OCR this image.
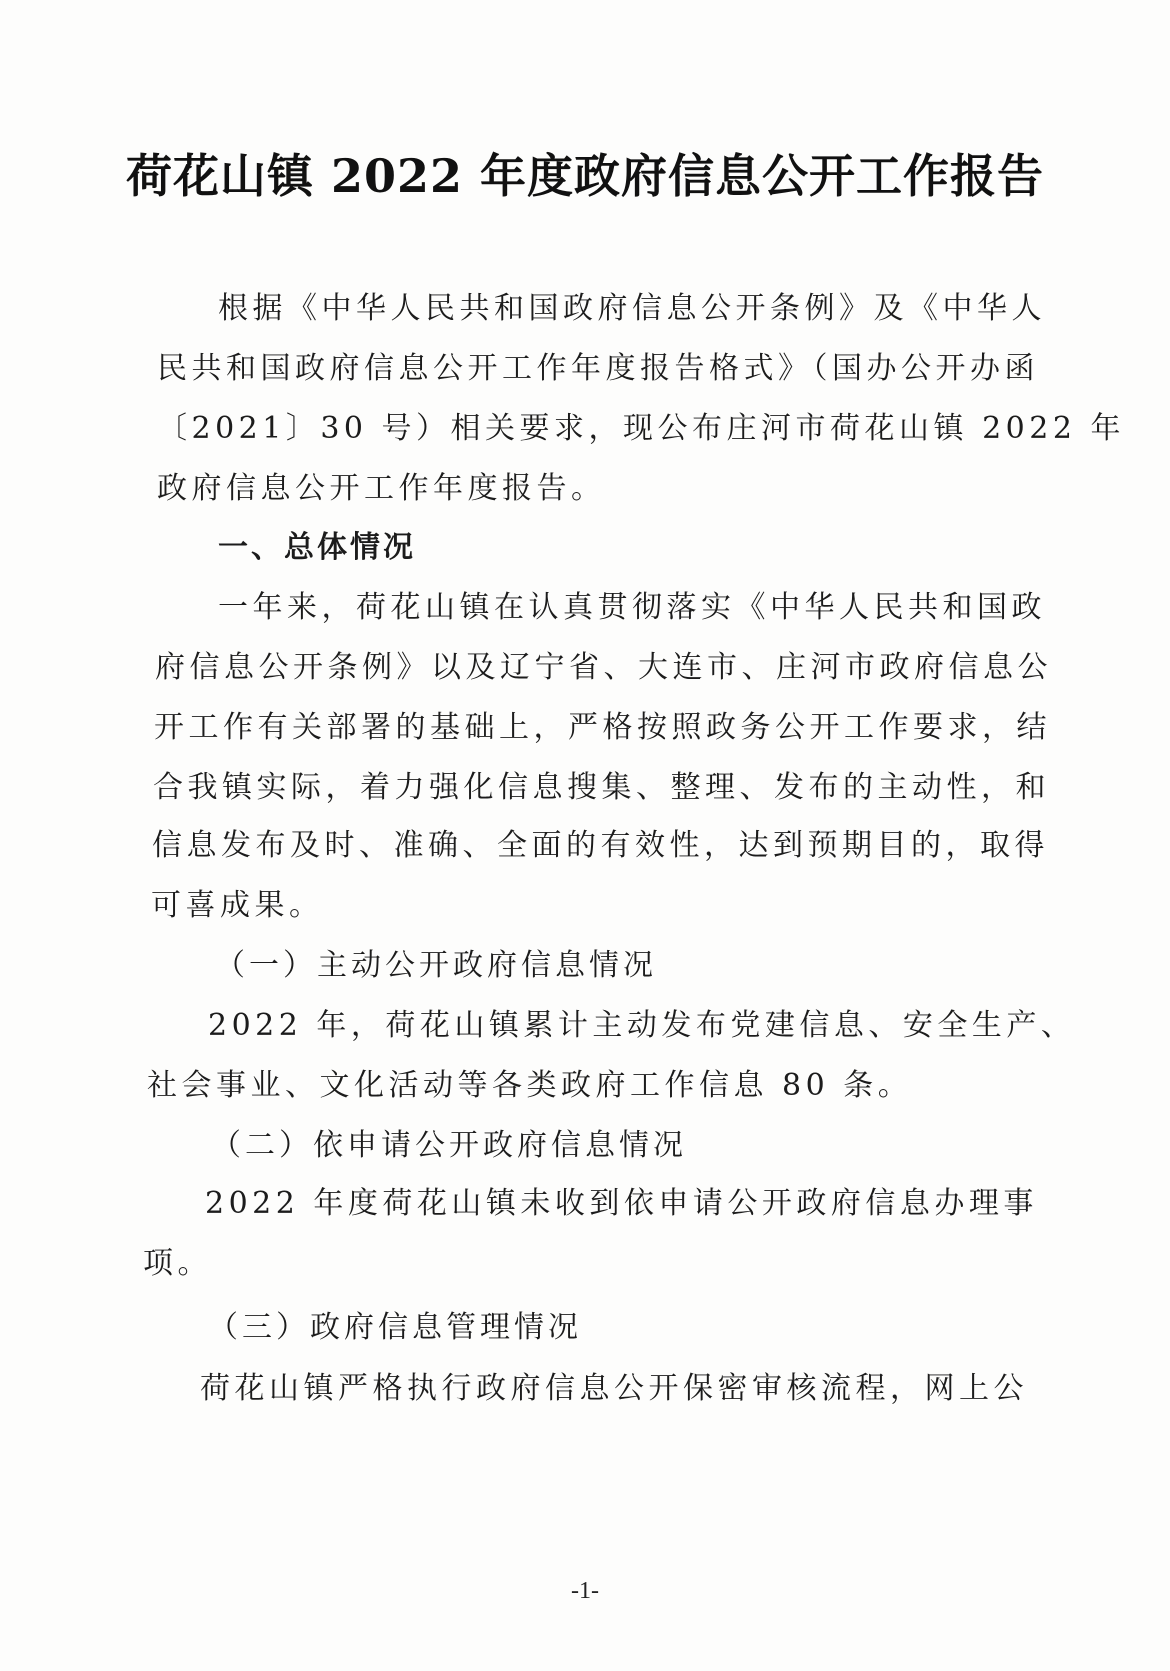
荷花山镇 2022 年度政府信息公开工作报告
根据《中华人民共和国政府信息公开条例》及《中华人
民共和国政府信息公开工作年度报告格式》（国办公开办函
〔2021〕30 号）相关要求，现公布庄河市荷花山镇 2022 年
政府信息公开工作年度报告。
一、总体情况
一年来，荷花山镇在认真贯彻落实《中华人民共和国政
府信息公开条例》以及辽宁省、大连市、庄河市政府信息公
开工作有关部署的基础上，严格按照政务公开工作要求，结
合我镇实际，着力强化信息搜集、整理、发布的主动性，和
信息发布及时、准确、全面的有效性，达到预期目的，取得
可喜成果。
（一）主动公开政府信息情况
2022 年，荷花山镇累计主动发布党建信息、安全生产、
社会事业、文化活动等各类政府工作信息 80 条。
（二）依申请公开政府信息情况
2022 年度荷花山镇未收到依申请公开政府信息办理事
项。
（三）政府信息管理情况
荷花山镇严格执行政府信息公开保密审核流程，网上公
-1-
